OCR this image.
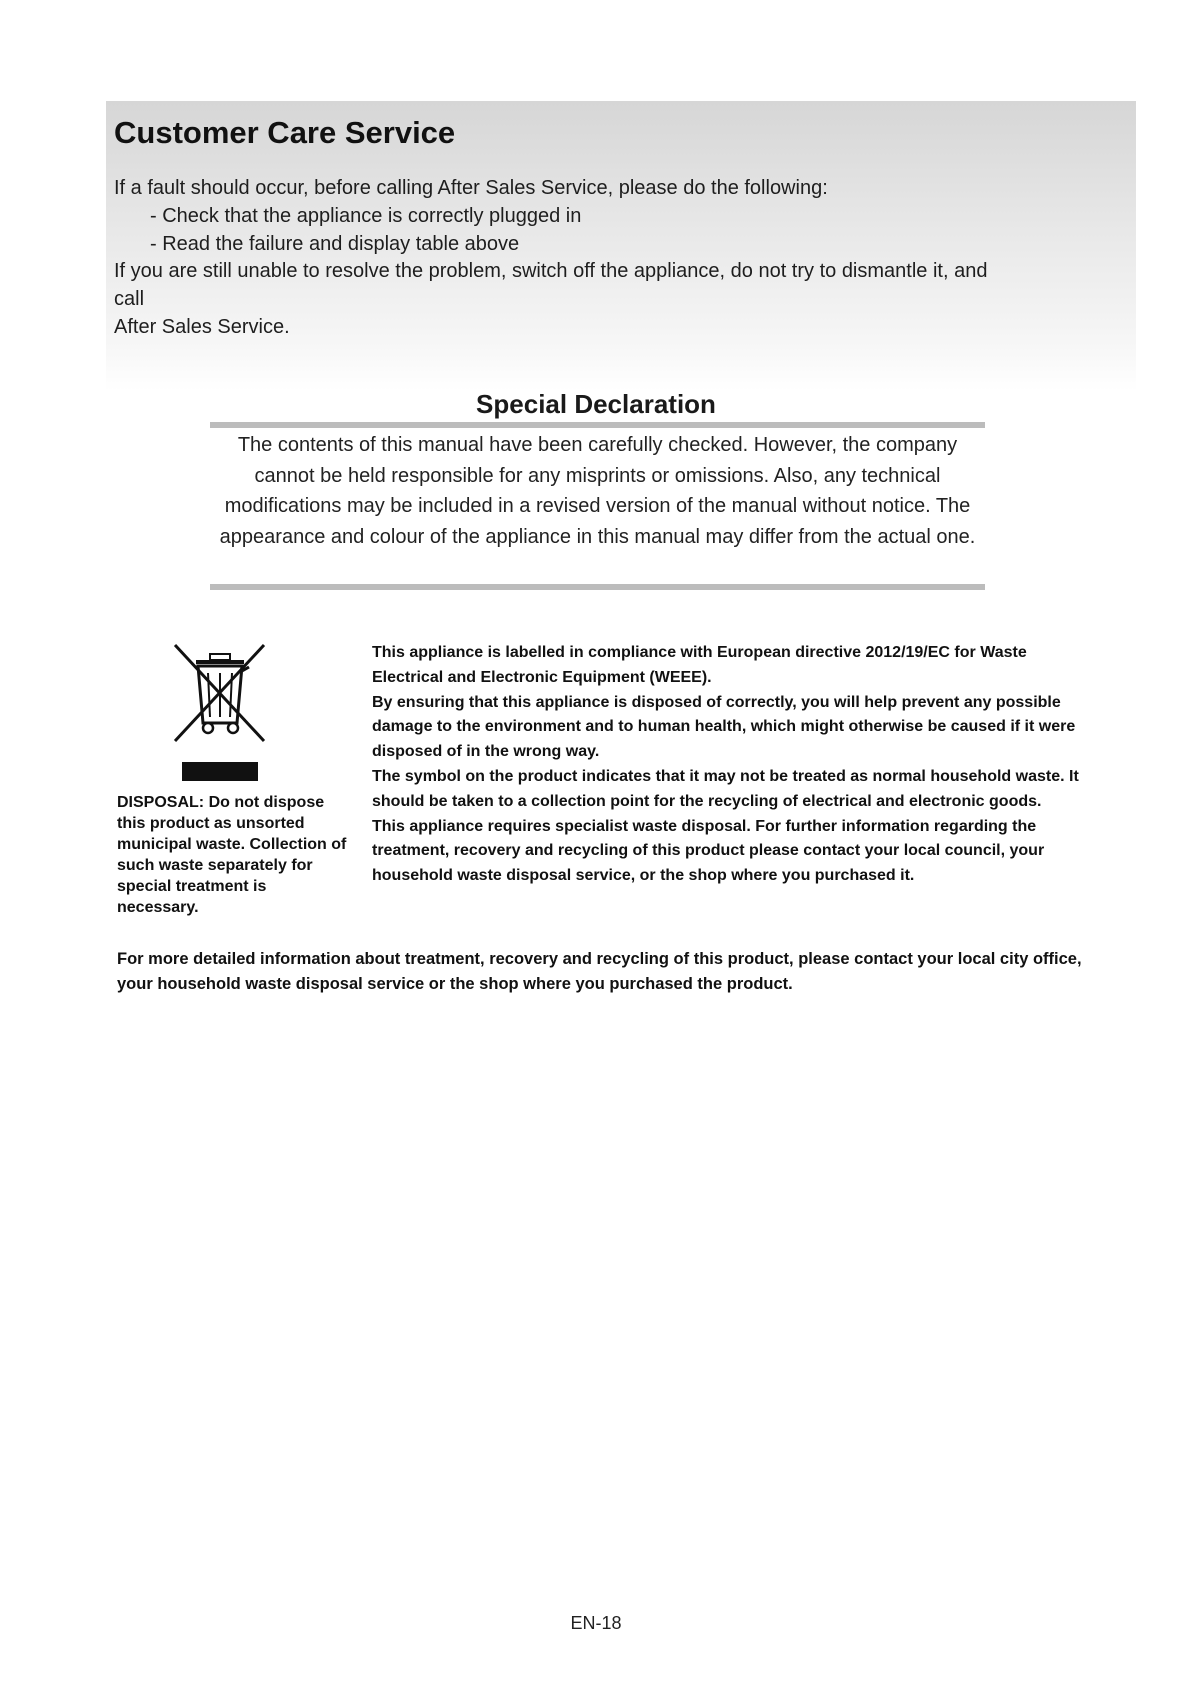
Customer Care Service
If a fault should occur, before calling After Sales Service, please do the following:
- Check that the appliance is correctly plugged in
- Read the failure and display table above
If you are still unable to resolve the problem, switch off the appliance, do not try to dismantle it, and
call
After Sales Service.
Special Declaration
The contents of this manual have been carefully checked. However, the company cannot be held responsible for any misprints or omissions. Also, any technical modifications may be included in a revised version of the manual without notice. The appearance and colour of the appliance in this manual may differ from the actual one.
DISPOSAL: Do not dispose this product as unsorted municipal waste. Collection of such waste separately for special treatment is necessary.

This appliance is labelled in compliance with European directive 2012/19/EC for Waste Electrical and Electronic Equipment (WEEE).

By ensuring that this appliance is disposed of correctly, you will help prevent any possible damage to the environment and to human health, which might otherwise be caused if it were disposed of in the wrong way.

The symbol on the product indicates that it may not be treated as normal household waste. It should be taken to a collection point for the recycling of electrical and electronic goods.

This appliance requires specialist waste disposal. For further information regarding the treatment, recovery and recycling of this product please contact your local council, your household waste disposal service, or the shop where you purchased it.

For more detailed information about treatment, recovery and recycling of this product, please contact your local city office, your household waste disposal service or the shop where you purchased the product.

EN-18
